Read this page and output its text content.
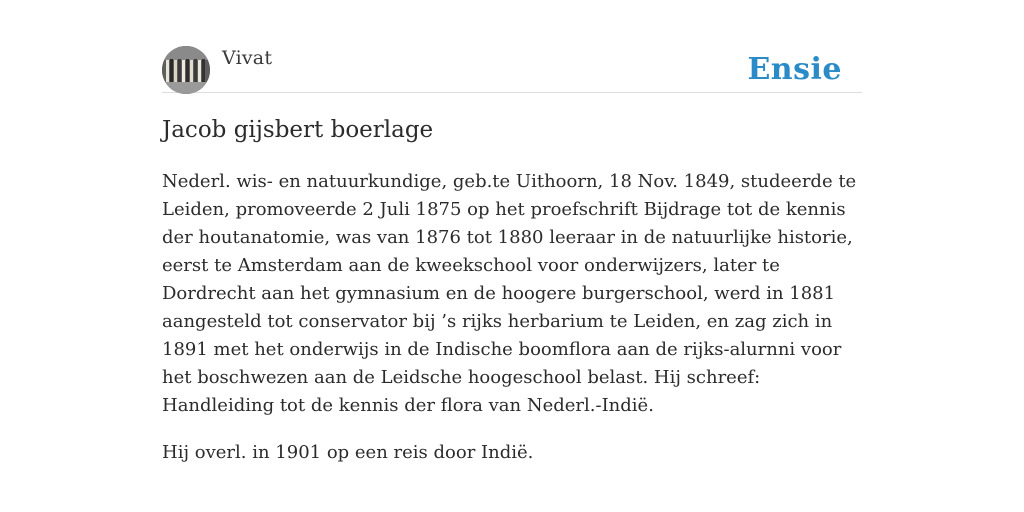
Vivat	Ensie
Jacob gijsbert boerlage

Nederl. wis- en natuurkundige, geb.te Uithoorn, 18 Nov. 1849, studeerde te Leiden, promoveerde 2 Juli 1875 op het proefschrift Bijdrage tot de kennis der houtanatomie, was van 1876 tot 1880 leeraar in de natuurlijke historie, eerst te Amsterdam aan de kweekschool voor onderwijzers, later te Dordrecht aan het gymnasium en de hoogere burgerschool, werd in 1881 aangesteld tot conservator bij ’s rijks herbarium te Leiden, en zag zich in 1891 met het onderwijs in de Indische boomflora aan de rijks-alurnni voor het boschwezen aan de Leidsche hoogeschool belast. Hij schreef: Handleiding tot de kennis der flora van Nederl.-Indië.

Hij overl. in 1901 op een reis door Indië.
